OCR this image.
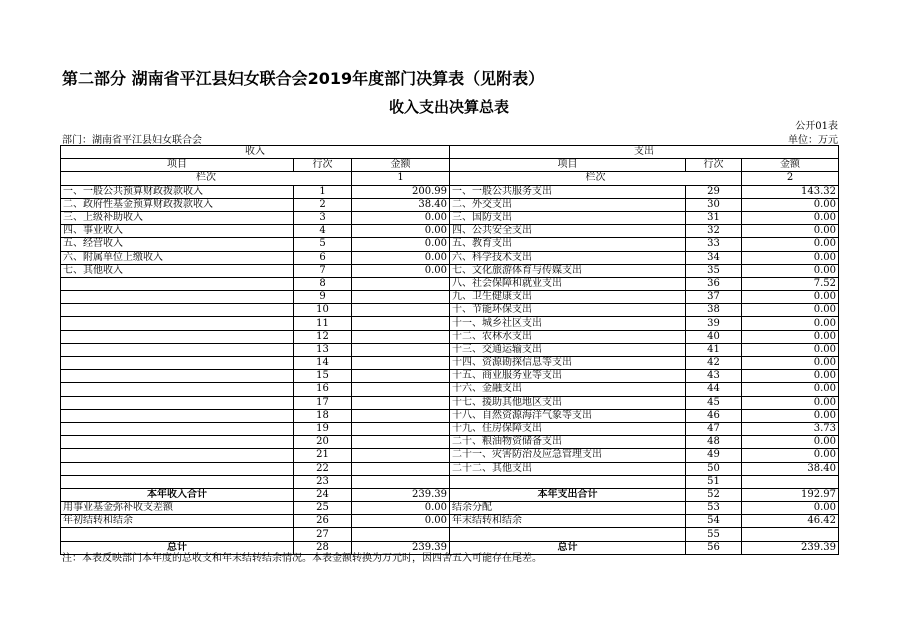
第二部分 湖南省平江县妇女联合会2019年度部门决算表（见附表）
收入支出决算总表
公开01表
部门：湖南省平江县妇女联合会	单位：万元
收入			支出		
项目	行次	金额	项目	行次	金额
栏次		1	栏次		2
一、一般公共预算财政拨款收入	1	200.99	一、一般公共服务支出	29	143.32
二、政府性基金预算财政拨款收入	2	38.40	二、外交支出	30	0.00
三、上级补助收入	3	0.00	三、国防支出	31	0.00
四、事业收入	4	0.00	四、公共安全支出	32	0.00
五、经营收入	5	0.00	五、教育支出	33	0.00
六、附属单位上缴收入	6	0.00	六、科学技术支出	34	0.00
七、其他收入	7	0.00	七、文化旅游体育与传媒支出	35	0.00
	8		八、社会保障和就业支出	36	7.52
	9		九、卫生健康支出	37	0.00
	10		十、节能环保支出	38	0.00
	11		十一、城乡社区支出	39	0.00
	12		十二、农林水支出	40	0.00
	13		十三、交通运输支出	41	0.00
	14		十四、资源勘探信息等支出	42	0.00
	15		十五、商业服务业等支出	43	0.00
	16		十六、金融支出	44	0.00
	17		十七、援助其他地区支出	45	0.00
	18		十八、自然资源海洋气象等支出	46	0.00
	19		十九、住房保障支出	47	3.73
	20		二十、粮油物资储备支出	48	0.00
	21		二十一、灾害防治及应急管理支出	49	0.00
	22		二十二、其他支出	50	38.40
	23			51	
本年收入合计	24	239.39	本年支出合计	52	192.97
用事业基金弥补收支差额	25	0.00	结余分配	53	0.00
年初结转和结余	26	0.00	年末结转和结余	54	46.42
	27			55	
总计	28	239.39	总计	56	239.39
注：本表反映部门本年度的总收支和年末结转结余情况。本表金额转换为万元时，因四舍五入可能存在尾差。
